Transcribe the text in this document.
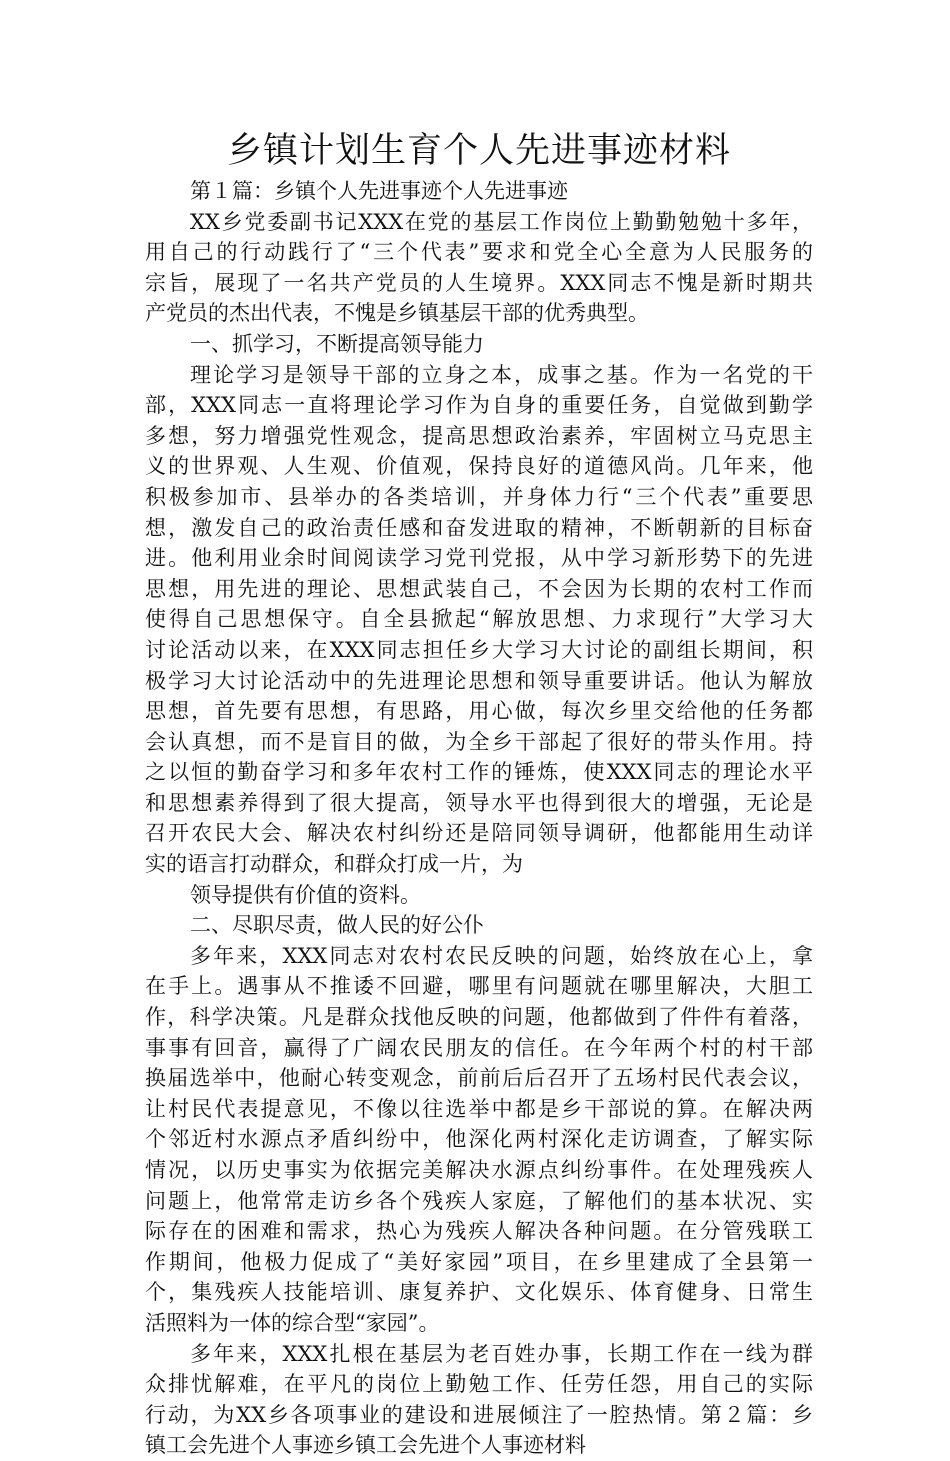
乡镇计划生育个人先进事迹材料
第１篇：乡镇个人先进事迹个人先进事迹
XX乡党委副书记XXX在党的基层工作岗位上勤勤勉勉十多年，
用自己的行动践行了“三个代表”要求和党全心全意为人民服务的
宗旨，展现了一名共产党员的人生境界。XXX同志不愧是新时期共
产党员的杰出代表，不愧是乡镇基层干部的优秀典型。
一、抓学习，不断提高领导能力
理论学习是领导干部的立身之本，成事之基。作为一名党的干
部，XXX同志一直将理论学习作为自身的重要任务，自觉做到勤学
多想，努力增强党性观念，提高思想政治素养，牢固树立马克思主
义的世界观、人生观、价值观，保持良好的道德风尚。几年来，他
积极参加市、县举办的各类培训，并身体力行“三个代表”重要思
想，激发自己的政治责任感和奋发进取的精神，不断朝新的目标奋
进。他利用业余时间阅读学习党刊党报，从中学习新形势下的先进
思想，用先进的理论、思想武装自己，不会因为长期的农村工作而
使得自己思想保守。自全县掀起“解放思想、力求现行”大学习大
讨论活动以来，在XXX同志担任乡大学习大讨论的副组长期间，积
极学习大讨论活动中的先进理论思想和领导重要讲话。他认为解放
思想，首先要有思想，有思路，用心做，每次乡里交给他的任务都
会认真想，而不是盲目的做，为全乡干部起了很好的带头作用。持
之以恒的勤奋学习和多年农村工作的锤炼，使XXX同志的理论水平
和思想素养得到了很大提高，领导水平也得到很大的增强，无论是
召开农民大会、解决农村纠纷还是陪同领导调研，他都能用生动详
实的语言打动群众，和群众打成一片，为
领导提供有价值的资料。
二、尽职尽责，做人民的好公仆
多年来，XXX同志对农村农民反映的问题，始终放在心上，拿
在手上。遇事从不推诿不回避，哪里有问题就在哪里解决，大胆工
作，科学决策。凡是群众找他反映的问题，他都做到了件件有着落，
事事有回音，赢得了广阔农民朋友的信任。在今年两个村的村干部
换届选举中，他耐心转变观念，前前后后召开了五场村民代表会议，
让村民代表提意见，不像以往选举中都是乡干部说的算。在解决两
个邻近村水源点矛盾纠纷中，他深化两村深化走访调查，了解实际
情况，以历史事实为依据完美解决水源点纠纷事件。在处理残疾人
问题上，他常常走访乡各个残疾人家庭，了解他们的基本状况、实
际存在的困难和需求，热心为残疾人解决各种问题。在分管残联工
作期间，他极力促成了“美好家园”项目，在乡里建成了全县第一
个，集残疾人技能培训、康复养护、文化娱乐、体育健身、日常生
活照料为一体的综合型“家园”。
多年来，XXX扎根在基层为老百姓办事，长期工作在一线为群
众排忧解难，在平凡的岗位上勤勉工作、任劳任怨，用自己的实际
行动，为XX乡各项事业的建设和进展倾注了一腔热情。第２篇：乡
镇工会先进个人事迹乡镇工会先进个人事迹材料
